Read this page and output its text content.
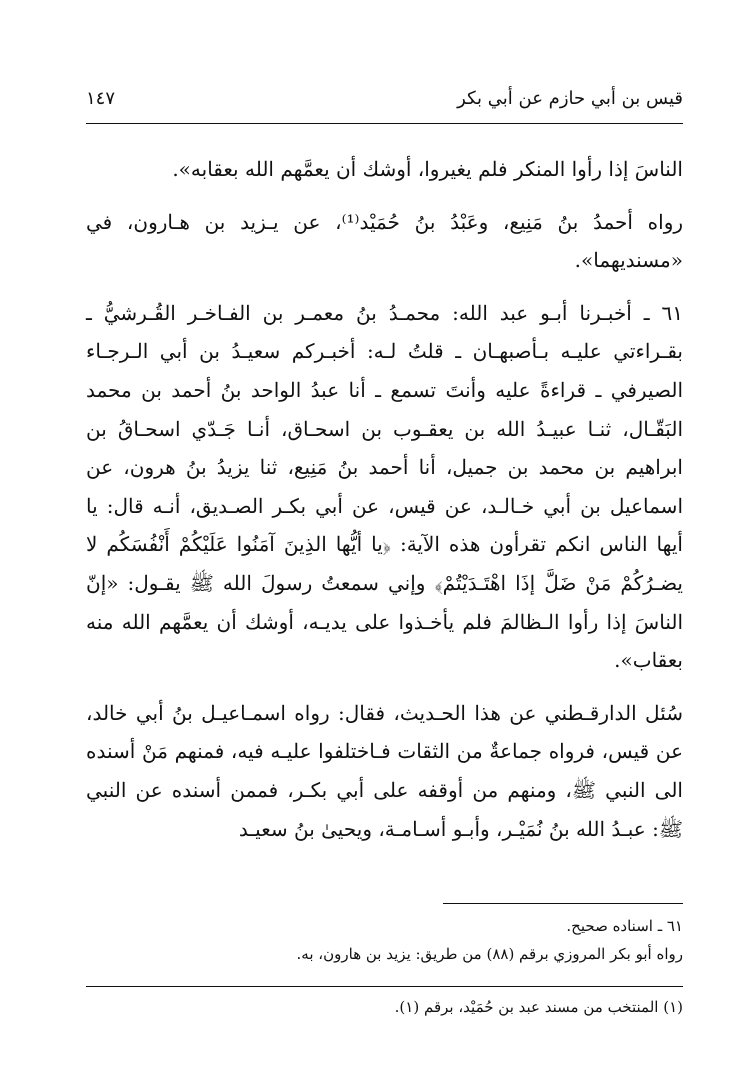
١٤٧	قيس بن أبي حازم عن أبي بكر

الناسَ إذا رأوا المنكر فلم يغيروا، أوشك أن يعمَّهم الله بعقابه».

رواه أحمدُ بنُ مَنِيع، وعَبْدُ بنُ حُمَيْد⁽¹⁾، عن يـزيد بن هـارون، في «مسنديهما».

٦١ ـ أخبـرنا أبـو عبد الله: محمـدُ بنُ معمـر بن الفـاخـر القُـرشيُّ ـ بقـراءتي عليـه بـأصبهـان ـ قلتُ لـه: أخبـركم سعيـدُ بن أبي الـرجـاء الصيرفي ـ قراءةً عليه وأنتَ تسمع ـ أنا عبدُ الواحد بنُ أحمد بن محمد البَقّـال، ثنـا عبيـدُ الله بن يعقـوب بن اسحـاق، أنـا جَـدّي اسحـاقُ بن ابراهيم بن محمد بن جميل، أنا أحمد بنُ مَنِيع، ثنا يزيدُ بنُ هرون، عن اسماعيل بن أبي خـالـد، عن قيس، عن أبي بكـر الصـديق، أنـه قال: يا أيها الناس انكم تقرأون هذه الآية: ﴿يا أيُّها الذِينَ آمَنُوا عَلَيْكُمْ أَنْفُسَكُم لا يضـرُكُمْ مَنْ ضَلَّ إذَا اهْتَـدَيْتُمْ﴾ وإني سمعتُ رسولَ الله ﷺ يقـول: «إنّ الناسَ إذا رأوا الـظالمَ فلم يأخـذوا على يديـه، أوشك أن يعمَّهم الله منه بعقاب».

سُئل الدارقـطني عن هذا الحـديث، فقال: رواه اسمـاعيـل بنُ أبي خالد، عن قيس، فرواه جماعةٌ من الثقات فـاختلفوا عليـه فيه، فمنهم مَنْ أسنده الى النبي ﷺ، ومنهم من أوقفه على أبي بكـر، فممن أسنده عن النبي ﷺ: عبـدُ الله بنُ نُمَيْـر، وأبـو أسـامـة، ويحيىٰ بنُ سعيـد

٦١ ـ اسناده صحيح.

رواه أبو بكر المروزي برقم (٨٨) من طريق: يزيد بن هارون، به.

(١) المنتخب من مسند عبد بن حُمَيْد، برقم (١).
